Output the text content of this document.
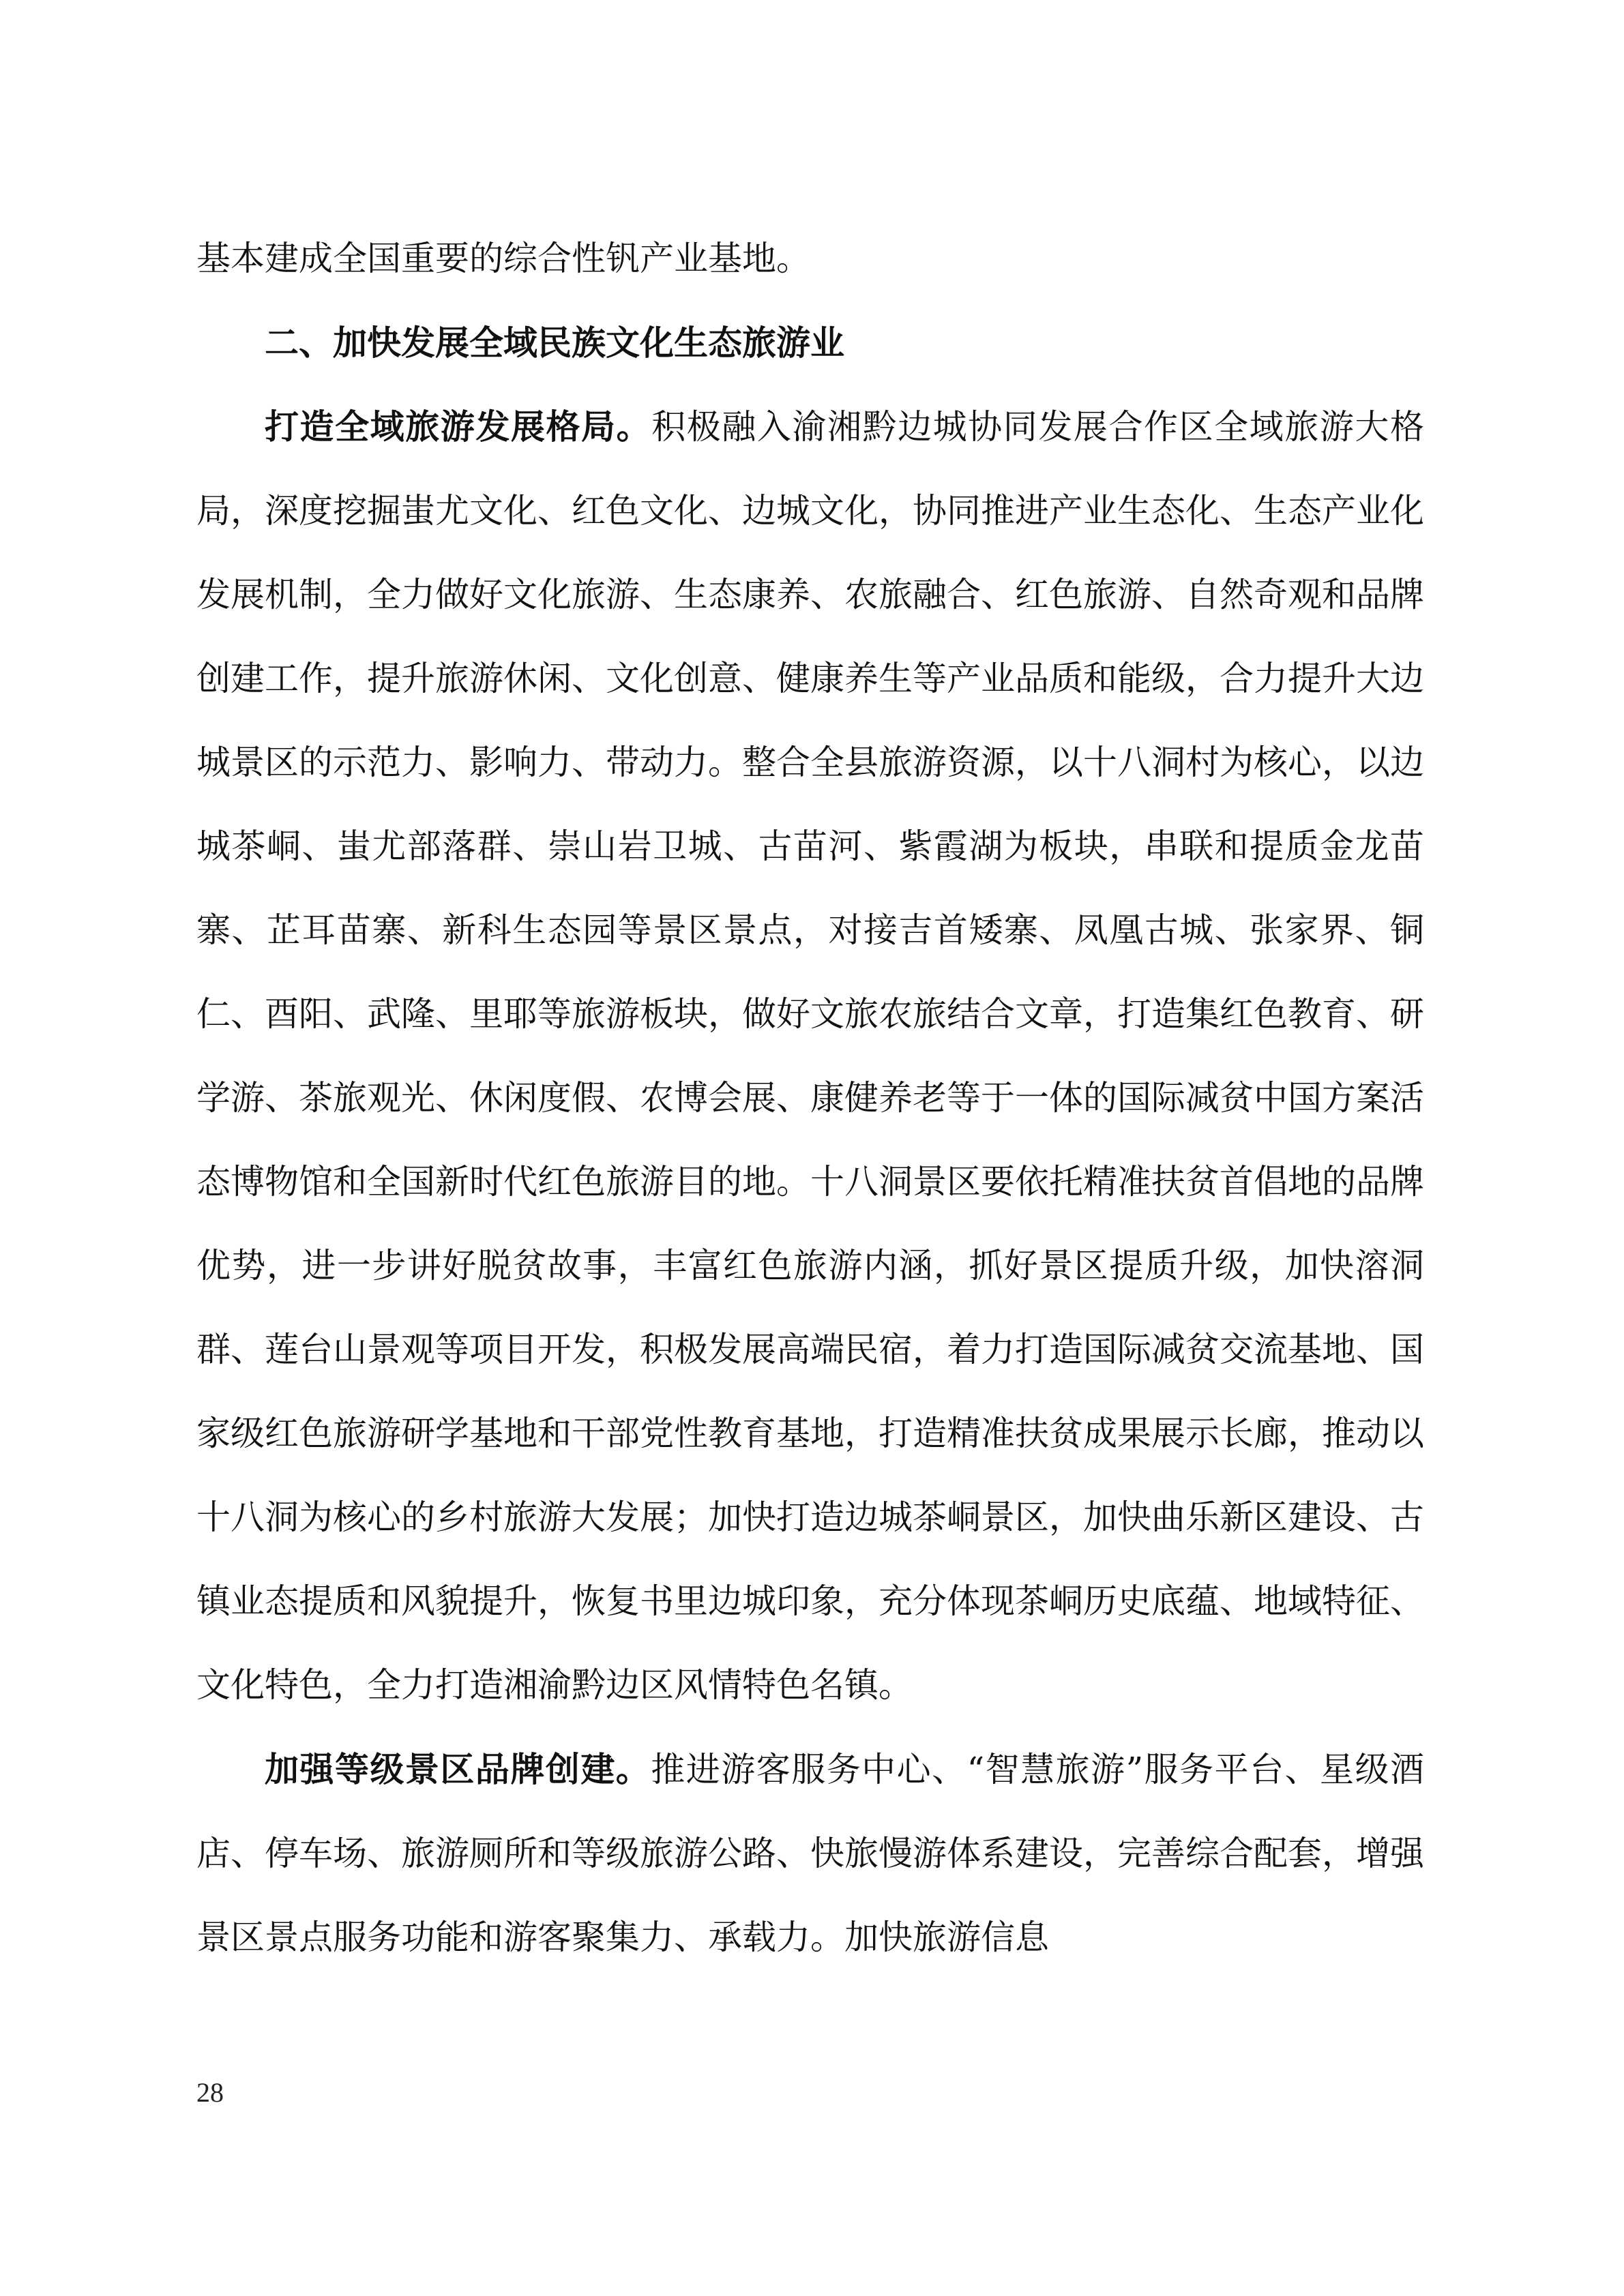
基本建成全国重要的综合性钒产业基地。

二、加快发展全域民族文化生态旅游业

打造全域旅游发展格局。积极融入渝湘黔边城协同发展合作区全域旅游大格局，深度挖掘蚩尤文化、红色文化、边城文化，协同推进产业生态化、生态产业化发展机制，全力做好文化旅游、生态康养、农旅融合、红色旅游、自然奇观和品牌创建工作，提升旅游休闲、文化创意、健康养生等产业品质和能级，合力提升大边城景区的示范力、影响力、带动力。整合全县旅游资源，以十八洞村为核心，以边城茶峒、蚩尤部落群、崇山岩卫城、古苗河、紫霞湖为板块，串联和提质金龙苗寨、芷耳苗寨、新科生态园等景区景点，对接吉首矮寨、凤凰古城、张家界、铜仁、酉阳、武隆、里耶等旅游板块，做好文旅农旅结合文章，打造集红色教育、研学游、茶旅观光、休闲度假、农博会展、康健养老等于一体的国际减贫中国方案活态博物馆和全国新时代红色旅游目的地。十八洞景区要依托精准扶贫首倡地的品牌优势，进一步讲好脱贫故事，丰富红色旅游内涵，抓好景区提质升级，加快溶洞群、莲台山景观等项目开发，积极发展高端民宿，着力打造国际减贫交流基地、国家级红色旅游研学基地和干部党性教育基地，打造精准扶贫成果展示长廊，推动以十八洞为核心的乡村旅游大发展；加快打造边城茶峒景区，加快曲乐新区建设、古镇业态提质和风貌提升，恢复书里边城印象，充分体现茶峒历史底蕴、地域特征、文化特色，全力打造湘渝黔边区风情特色名镇。

加强等级景区品牌创建。推进游客服务中心、“智慧旅游”服务平台、星级酒店、停车场、旅游厕所和等级旅游公路、快旅慢游体系建设，完善综合配套，增强景区景点服务功能和游客聚集力、承载力。加快旅游信息

28
